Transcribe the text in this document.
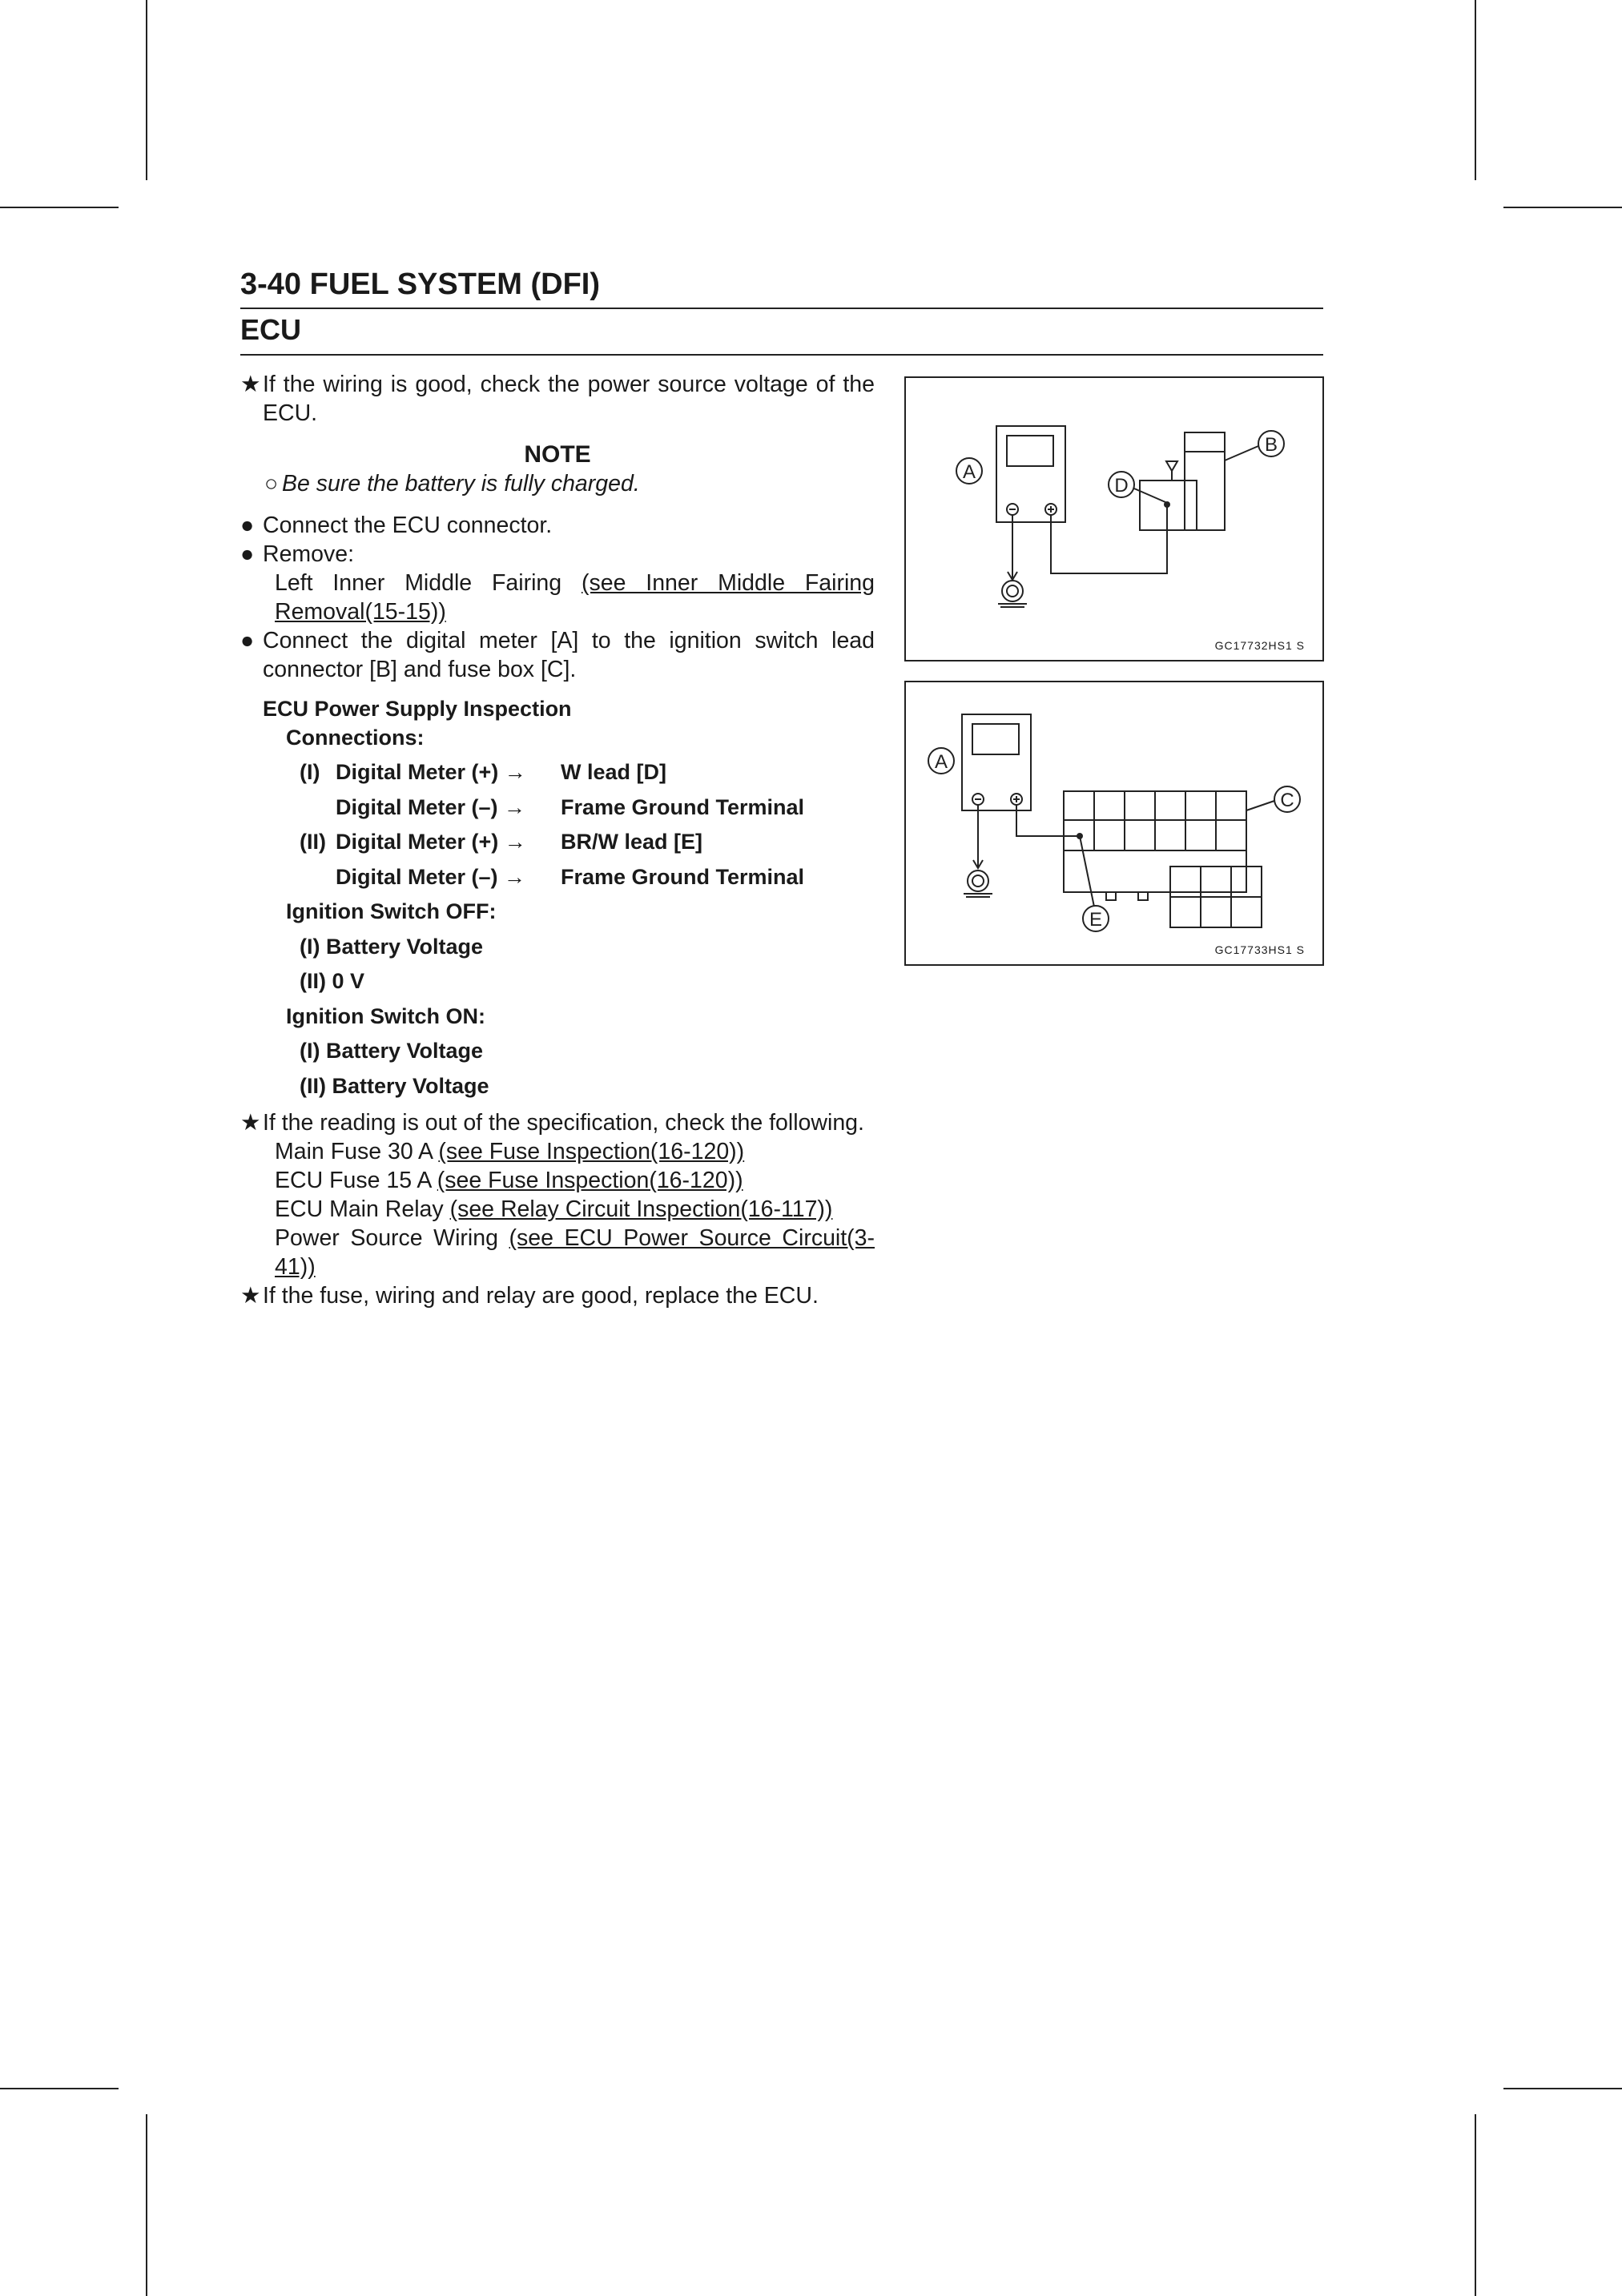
3-40 FUEL SYSTEM (DFI)
ECU
★ If the wiring is good, check the power source voltage of the ECU.
NOTE
○ Be sure the battery is fully charged.
● Connect the ECU connector.
● Remove:
Left Inner Middle Fairing (see Inner Middle Fairing Removal(15-15))
● Connect the digital meter [A] to the ignition switch lead connector [B] and fuse box [C].
ECU Power Supply Inspection
Connections:
(I) Digital Meter (+) → W lead [D]
Digital Meter (–) → Frame Ground Terminal
(II) Digital Meter (+) → BR/W lead [E]
Digital Meter (–) → Frame Ground Terminal
Ignition Switch OFF:
(I) Battery Voltage
(II) 0 V
Ignition Switch ON:
(I) Battery Voltage
(II) Battery Voltage
★ If the reading is out of the specification, check the following.
Main Fuse 30 A (see Fuse Inspection(16-120))
ECU Fuse 15 A (see Fuse Inspection(16-120))
ECU Main Relay (see Relay Circuit Inspection(16-117))
Power Source Wiring (see ECU Power Source Circuit(3-41))
★ If the fuse, wiring and relay are good, replace the ECU.
A
D
B
GC17732HS1 S
A
E
C
GC17733HS1 S
